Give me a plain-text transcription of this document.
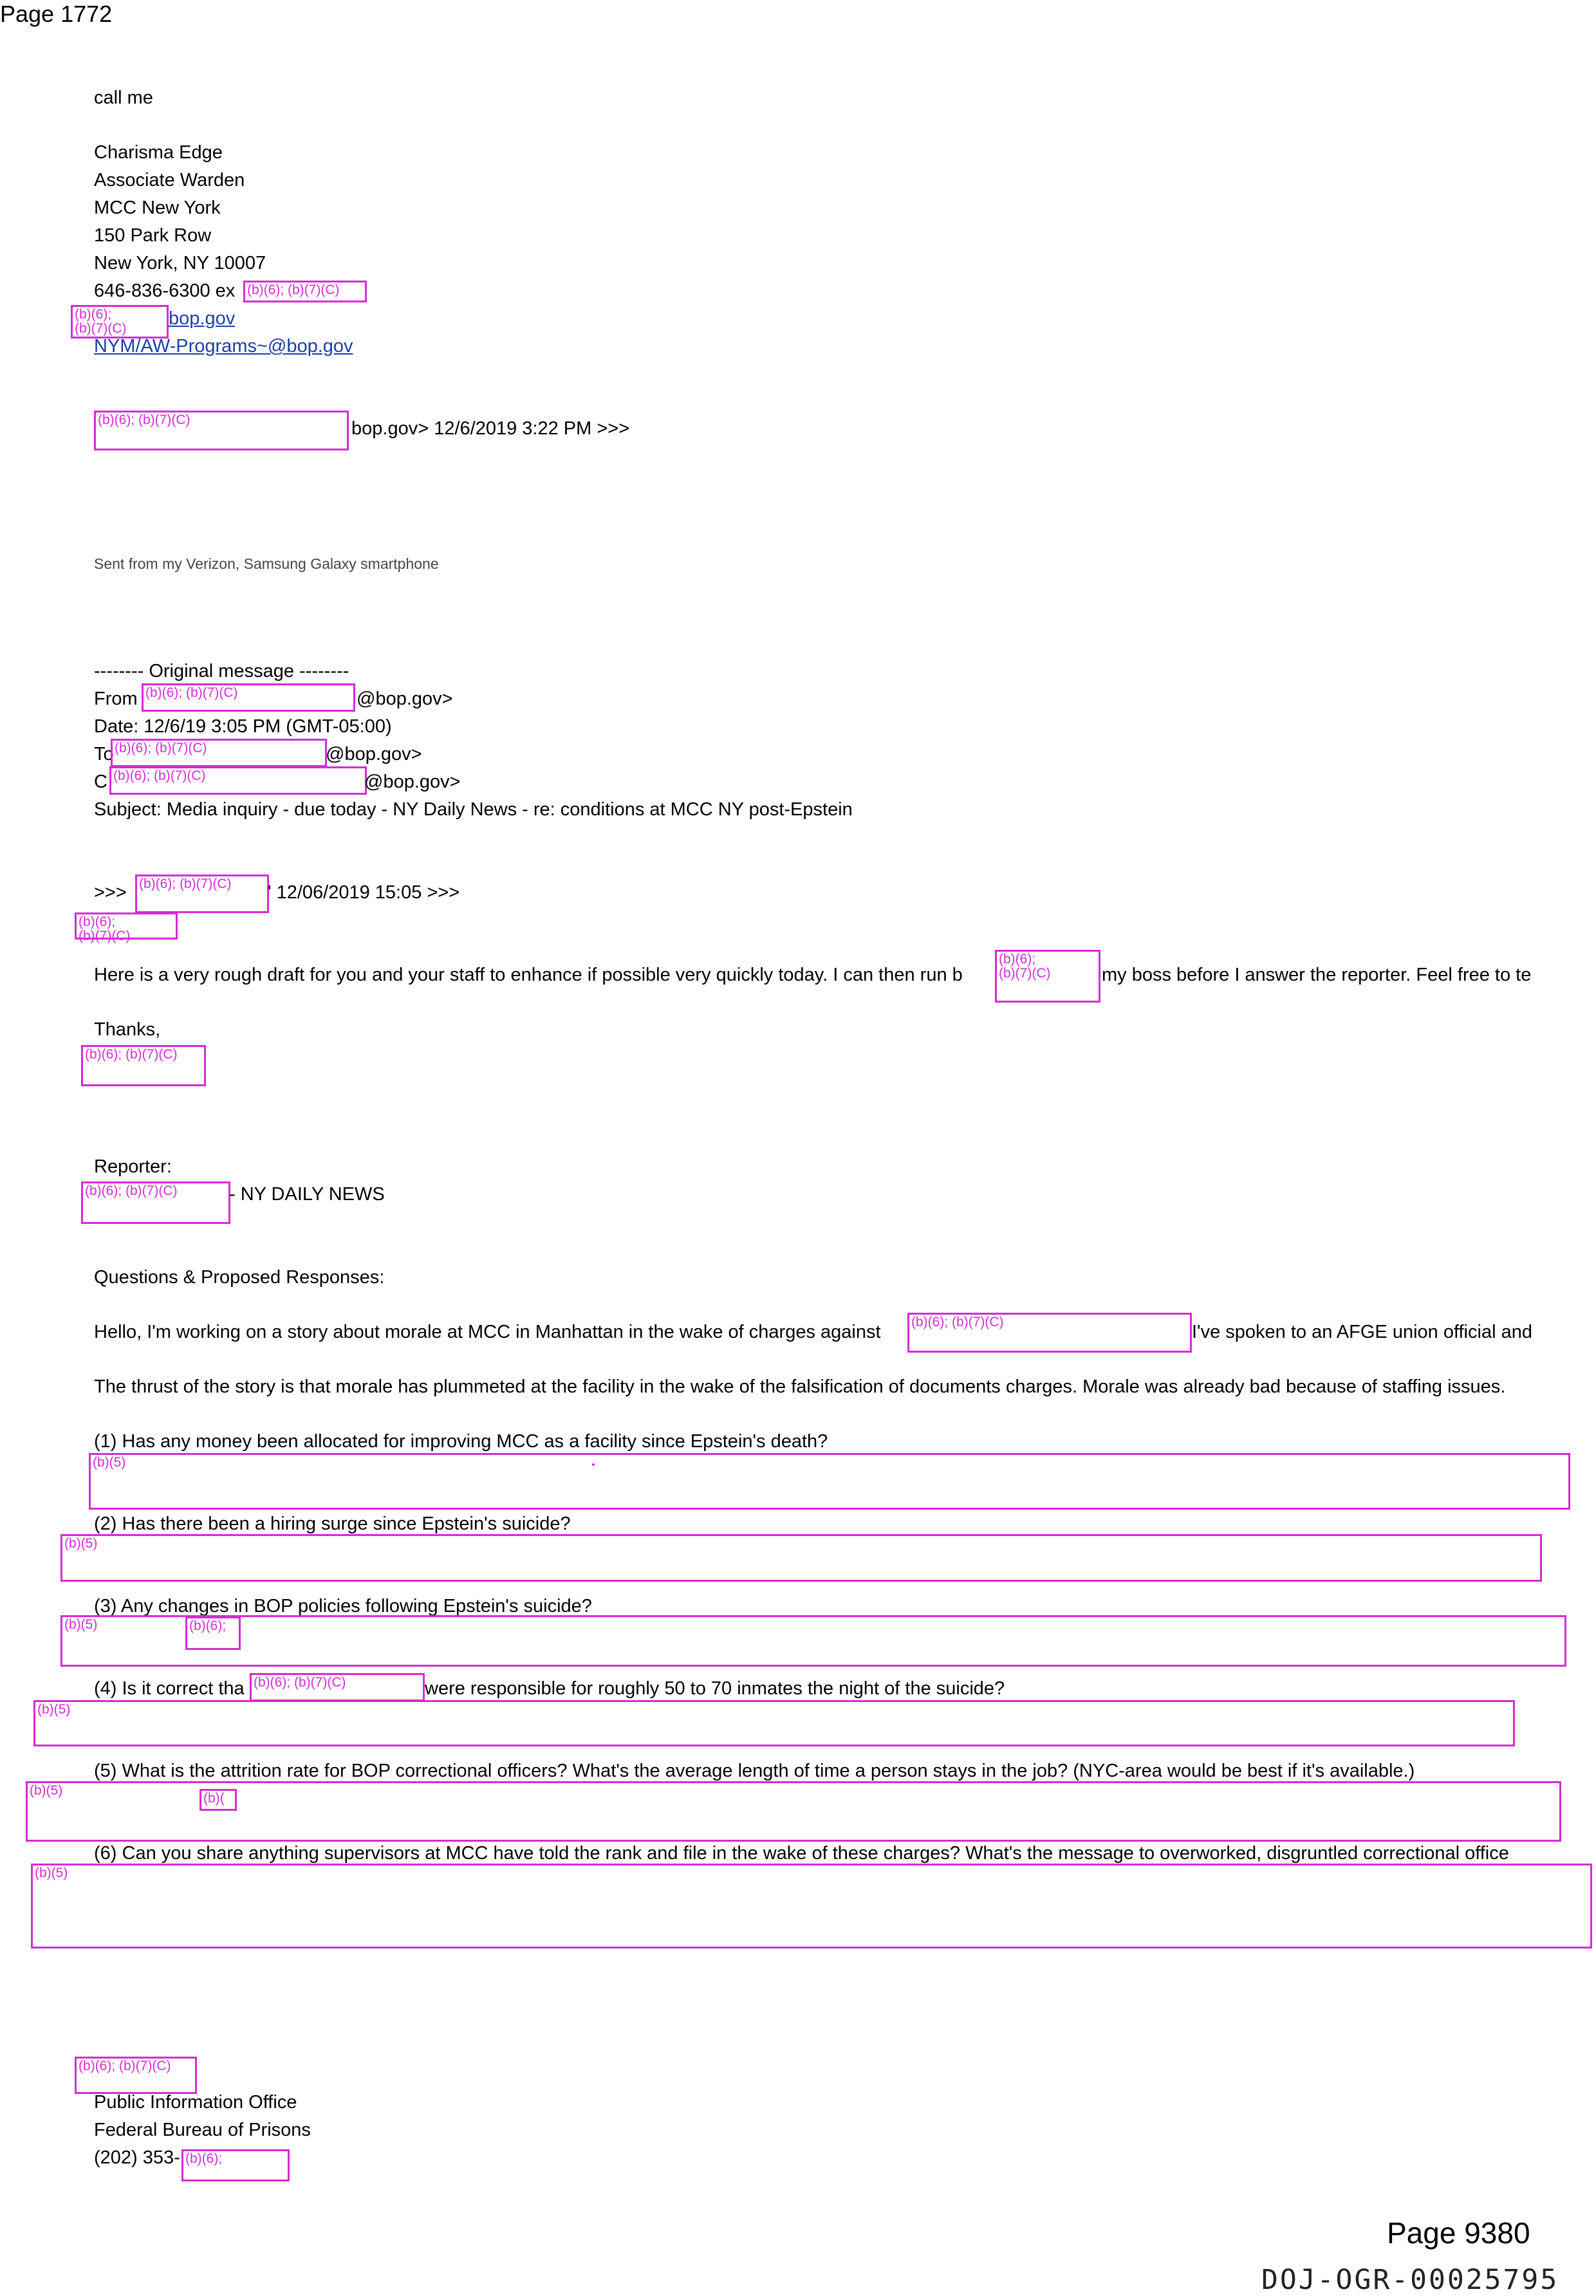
Page 1772
call me
Charisma Edge
Associate Warden
MCC New York
150 Park Row
New York, NY 10007
646-836-6300 ex (b)(6); (b)(7)(C)
(b)(6);
(b)(7)(C) bop.gov
NYM/AW-Programs~@bop.gov
(b)(6); (b)(7)(C)	bop.gov> 12/6/2019 3:22 PM >>>
Sent from my Verizon, Samsung Galaxy smartphone
-------- Original message --------
From (b)(6); (b)(7)(C)	@bop.gov>
Date: 12/6/19 3:05 PM (GMT-05:00)
To (b)(6); (b)(7)(C)	@bop.gov>
C (b)(6); (b)(7)(C)	@bop.gov>
Subject: Media inquiry - due today - NY Daily News - re: conditions at MCC NY post-Epstein
>>> (b)(6); (b)(7)(C) ' 12/06/2019 15:05 >>>
(b)(6);
(b)(7)(C)
Here is a very rough draft for you and your staff to enhance if possible very quickly today. I can then run b
(b)(6);
(b)(7)(C)	my boss before I answer the reporter. Feel free to te
Thanks,
(b)(6); (b)(7)(C)
Reporter:
(b)(6); (b)(7)(C)	- NY DAILY NEWS
Questions & Proposed Responses:
Hello, I'm working on a story about morale at MCC in Manhattan in the wake of charges against (b)(6); (b)(7)(C)	I've spoken to an AFGE union official and
The thrust of the story is that morale has plummeted at the facility in the wake of the falsification of documents charges. Morale was already bad because of staffing issues.
(1) Has any money been allocated for improving MCC as a facility since Epstein's death?
(b)(5)
(2) Has there been a hiring surge since Epstein's suicide?
(b)(5)
(3) Any changes in BOP policies following Epstein's suicide?
(b)(5)	(b)(6);
(4) Is it correct tha (b)(6); (b)(7)(C)	were responsible for roughly 50 to 70 inmates the night of the suicide?
(b)(5)
(5) What is the attrition rate for BOP correctional officers? What's the average length of time a person stays in the job? (NYC-area would be best if it's available.)
(b)(5)
(b)(
(6) Can you share anything supervisors at MCC have told the rank and file in the wake of these charges? What's the message to overworked, disgruntled correctional office
(b)(5)
(b)(6); (b)(7)(C)
Public Information Office
Federal Bureau of Prisons
(202) 353- (b)(6);
Page 9380
DOJ-OGR-00025795
